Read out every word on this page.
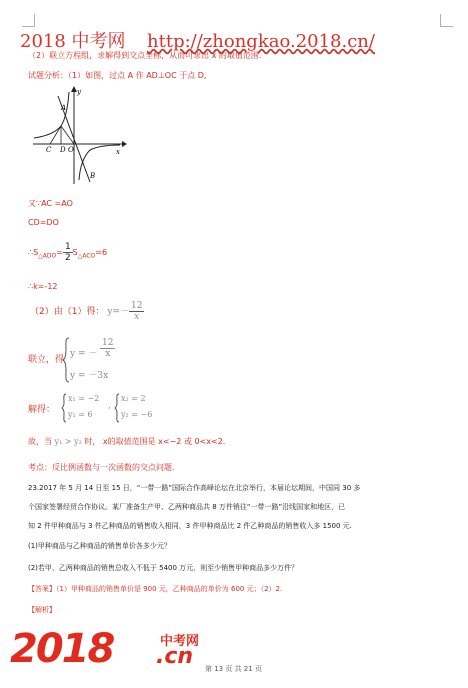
2018 中考网 http://zhongkao.2018.cn/
（2）联立方程组，求解得到交点坐标，从而可求出 x 的取值范围.
试题分析：（1）如图，过点 A 作 AD⊥OC 于点 D,
A
C D O
B
x
y
又∵AC =AO
CD=DO
$\therefore S_{\triangle ADO}= \frac{1}{2} S_{\triangle ACO}=6$
∴k=-12
（2）由（1）得： $y=- \frac{12}{x}$
联立，得
y = － $\frac{12}{x}$
y = －3x
解得：
x₁ = −2
y₁ = 6
,
x₂ = 2
y₂ = −6
故，当 y₁ > y₂ 时， x的取值范围是 x<−2 或 0<x<2.
考点：反比例函数与一次函数的交点问题.
23.2017 年 5 月 14 日至 15 日，“一带一路”国际合作高峰论坛在北京举行，本届论坛期间，中国同 30 多
个国家签署经贸合作协议。某厂准备生产甲、乙两种商品共 8 万件销往“一带一路”沿线国家和地区，已
知 2 件甲种商品与 3 件乙种商品的销售收入相同，3 件甲种商品比 2 件乙种商品的销售收入多 1500 元.
(1)甲种商品与乙种商品的销售单价各多少元？
(2)若甲、乙两种商品的销售总收入不低于 5400 万元，则至少销售甲种商品多少万件？
【答案】（1）甲种商品的销售单价是 900 元，乙种商品的单价为 600 元；（2）2.
【解析】
2018	中考网
.cn 第 13 页 共 21 页
